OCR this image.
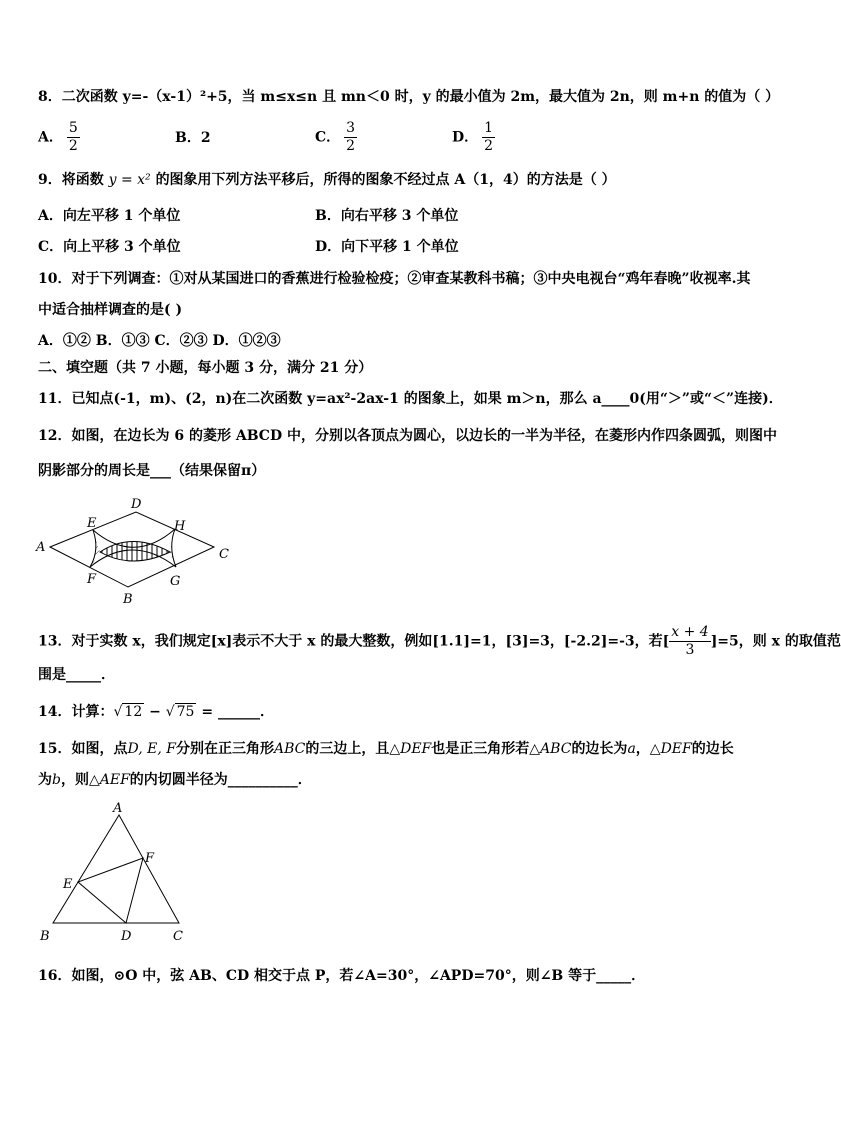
8．二次函数 y=-（x-1）²+5，当 m≤x≤n 且 mn＜0 时，y 的最小值为 2m，最大值为 2n，则 m+n 的值为（ ）
A． $\frac{5}{2}$	B．2	C． $\frac{3}{2}$	D． $\frac{1}{2}$
9．将函数 y = x² 的图象用下列方法平移后，所得的图象不经过点 A（1，4）的方法是（ ）
A．向左平移 1 个单位	B．向右平移 3 个单位
C．向上平移 3 个单位	D．向下平移 1 个单位
10．对于下列调查：①对从某国进口的香蕉进行检验检疫；②审查某教科书稿；③中央电视台“鸡年春晚”收视率.其
中适合抽样调查的是( )
A．①② B．①③ C．②③ D．①②③
二、填空题（共 7 小题，每小题 3 分，满分 21 分）
11．已知点(-1，m)、(2，n)在二次函数 y=ax²-2ax-1 的图象上，如果 m＞n，那么 a____0(用“＞”或“＜”连接)．
12．如图，在边长为 6 的菱形 ABCD 中，分别以各顶点为圆心，以边长的一半为半径，在菱形内作四条圆弧，则图中
阴影部分的周长是___（结果保留π）
A
D
E	H
C
F	G
B
13．对于实数 x，我们规定[x]表示不大于 x 的最大整数，例如[1.1]=1，[3]=3，[-2.2]=-3，若[ $\frac{x + 4}{3} ]=5$，则 x 的取值范
围是_____．
14．计算：√ 12 − √ 75 = ______．
15．如图，点D, E, F分别在正三角形ABC的三边上，且△DEF也是正三角形若△ABC的边长为a，△DEF的边长
为b，则△AEF的内切圆半径为__________．
A
F
E
B	D	C
16．如图，⊙O 中，弦 AB、CD 相交于点 P，若∠A=30°，∠APD=70°，则∠B 等于_____．
